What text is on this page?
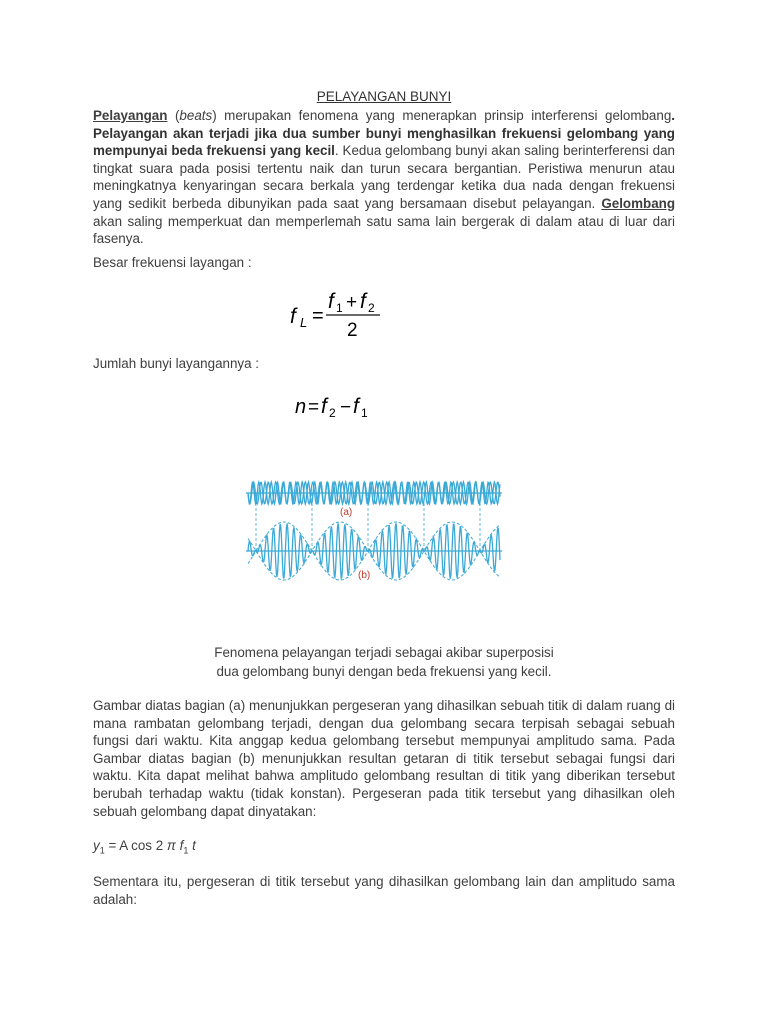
PELAYANGAN BUNYI
Pelayangan (beats) merupakan fenomena yang menerapkan prinsip interferensi gelombang. Pelayangan akan terjadi jika dua sumber bunyi menghasilkan frekuensi gelombang yang mempunyai beda frekuensi yang kecil. Kedua gelombang bunyi akan saling berinterferensi dan tingkat suara pada posisi tertentu naik dan turun secara bergantian. Peristiwa menurun atau meningkatnya kenyaringan secara berkala yang terdengar ketika dua nada dengan frekuensi yang sedikit berbeda dibunyikan pada saat yang bersamaan disebut pelayangan. Gelombang akan saling memperkuat dan memperlemah satu sama lain bergerak di dalam atau di luar dari fasenya.
Besar frekuensi layangan :
f L =
f 1 + f 2
2
Jumlah bunyi layangannya :
n = f 2 − f 1
(a)
(b)
Fenomena pelayangan terjadi sebagai akibar superposisi
dua gelombang bunyi dengan beda frekuensi yang kecil.
Gambar diatas bagian (a) menunjukkan pergeseran yang dihasilkan sebuah titik di dalam ruang di mana rambatan gelombang terjadi, dengan dua gelombang secara terpisah sebagai sebuah fungsi dari waktu. Kita anggap kedua gelombang tersebut mempunyai amplitudo sama. Pada Gambar diatas bagian (b) menunjukkan resultan getaran di titik tersebut sebagai fungsi dari waktu. Kita dapat melihat bahwa amplitudo gelombang resultan di titik yang diberikan tersebut berubah terhadap waktu (tidak konstan). Pergeseran pada titik tersebut yang dihasilkan oleh sebuah gelombang dapat dinyatakan:
$y_1 = A$ cos 2 π $f_1$ t
Sementara itu, pergeseran di titik tersebut yang dihasilkan gelombang lain dan amplitudo sama adalah:
